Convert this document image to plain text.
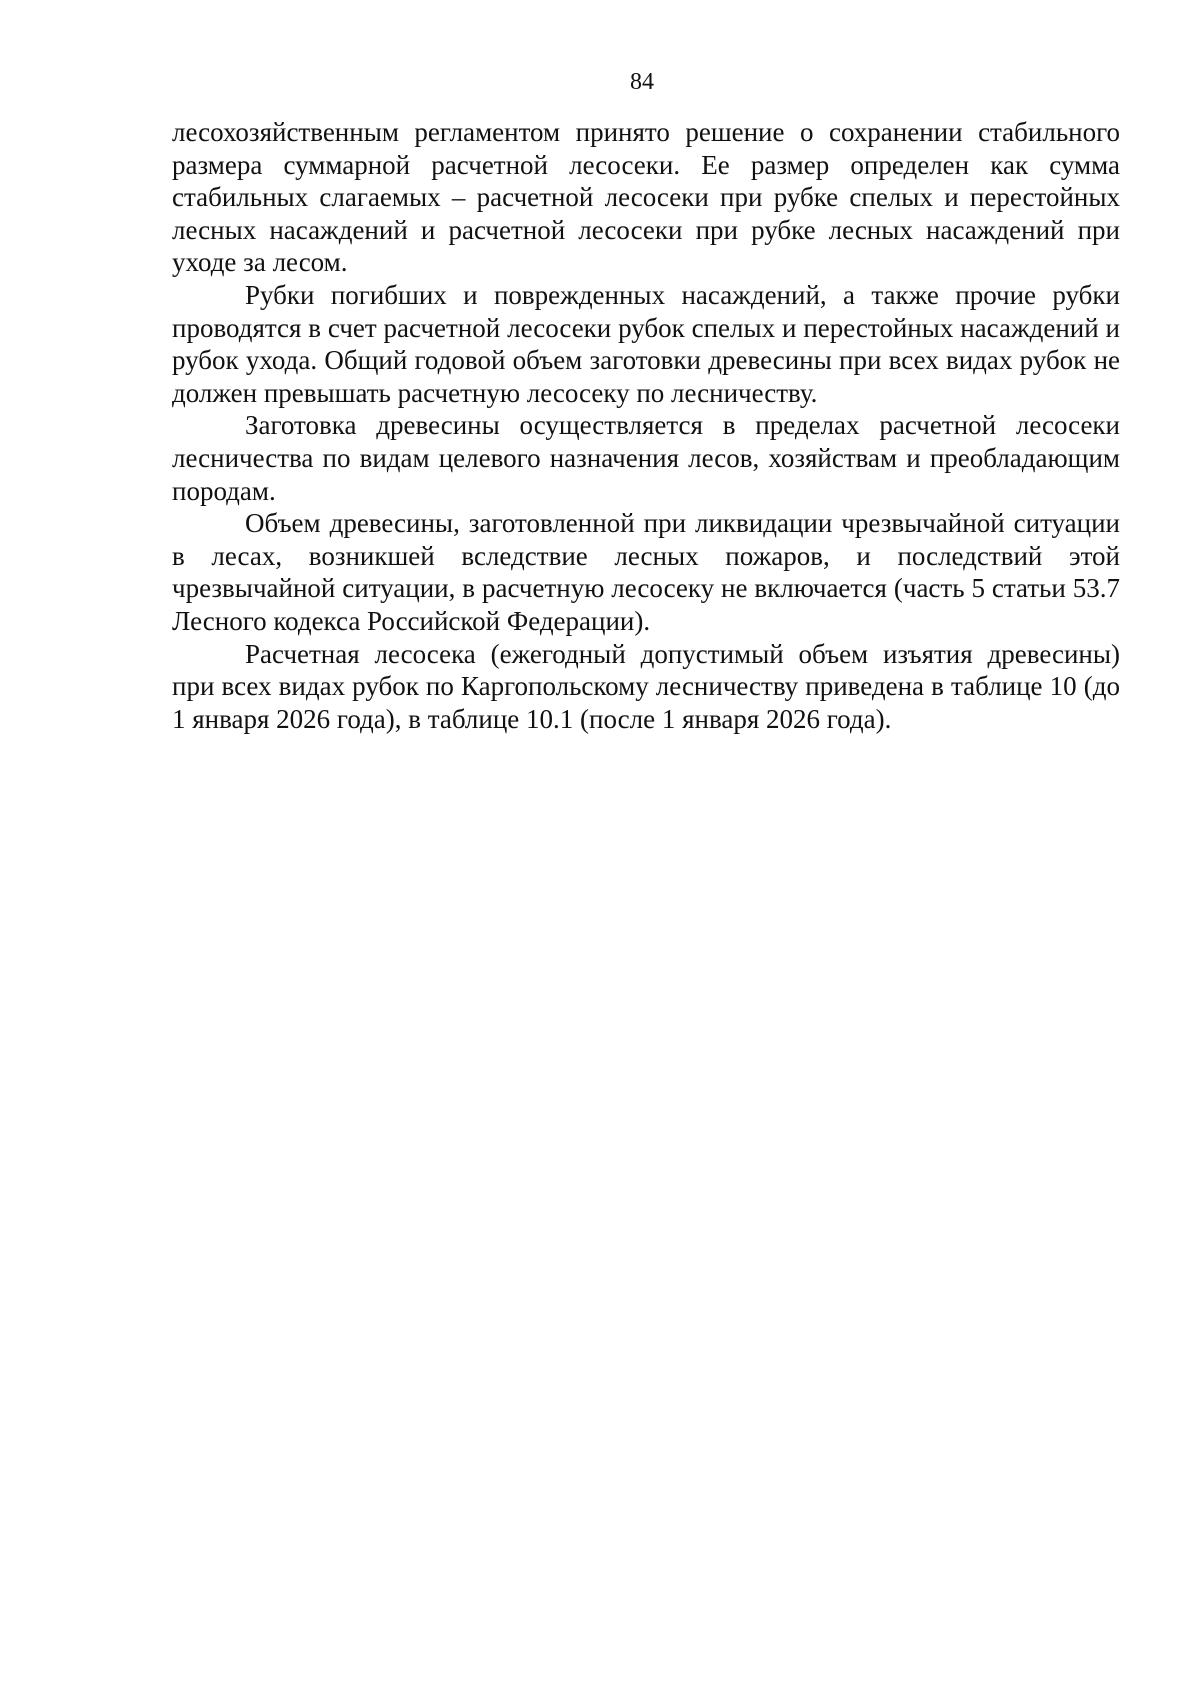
84

лесохозяйственным регламентом принято решение о сохранении стабильного размера суммарной расчетной лесосеки. Ее размер определен как сумма стабильных слагаемых – расчетной лесосеки при рубке спелых и перестойных лесных насаждений и расчетной лесосеки при рубке лесных насаждений при уходе за лесом.

Рубки погибших и поврежденных насаждений, а также прочие рубки проводятся в счет расчетной лесосеки рубок спелых и перестойных насаждений и рубок ухода. Общий годовой объем заготовки древесины при всех видах рубок не должен превышать расчетную лесосеку по лесничеству.

Заготовка древесины осуществляется в пределах расчетной лесосеки лесничества по видам целевого назначения лесов, хозяйствам и преобладающим породам.

Объем древесины, заготовленной при ликвидации чрезвычайной ситуации в лесах, возникшей вследствие лесных пожаров, и последствий этой чрезвычайной ситуации, в расчетную лесосеку не включается (часть 5 статьи 53.7 Лесного кодекса Российской Федерации).

Расчетная лесосека (ежегодный допустимый объем изъятия древесины) при всех видах рубок по Каргопольскому лесничеству приведена в таблице 10 (до 1 января 2026 года), в таблице 10.1 (после 1 января 2026 года).
